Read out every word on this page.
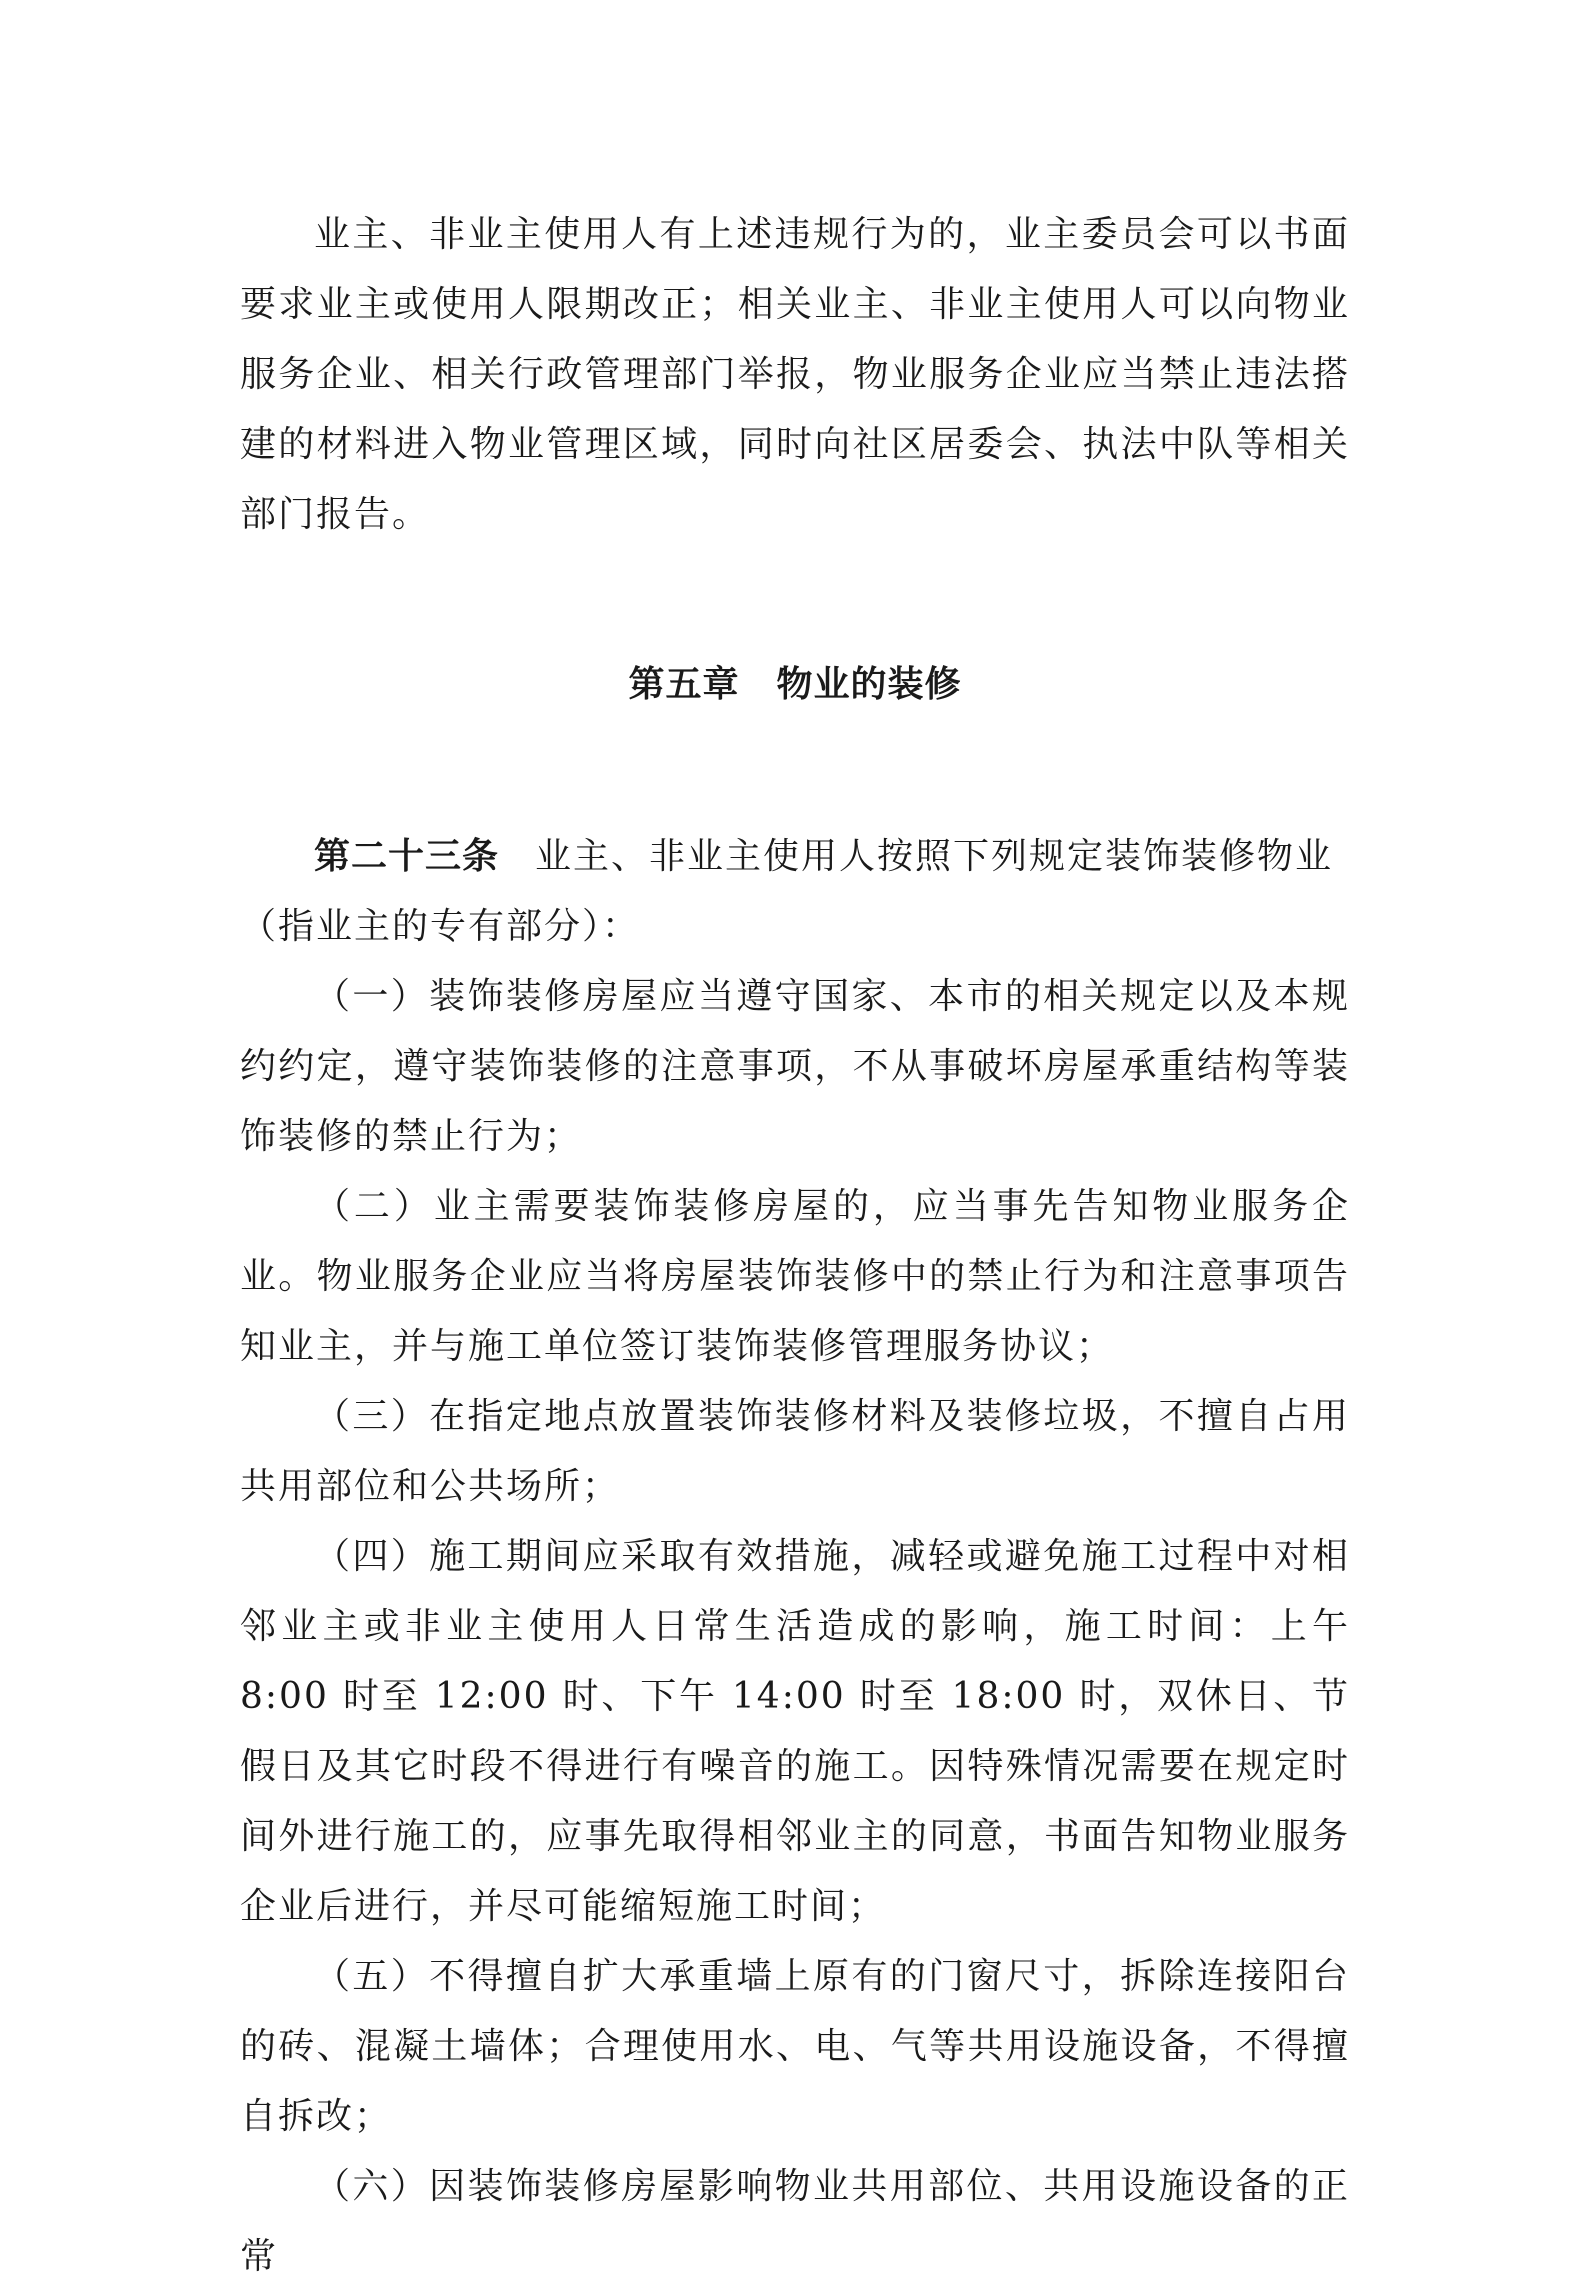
业主、非业主使用人有上述违规行为的，业主委员会可以书面要求业主或使用人限期改正；相关业主、非业主使用人可以向物业服务企业、相关行政管理部门举报，物业服务企业应当禁止违法搭建的材料进入物业管理区域，同时向社区居委会、执法中队等相关部门报告。

第五章　物业的装修

第二十三条 业主、非业主使用人按照下列规定装饰装修物业

（指业主的专有部分）：

（一）装饰装修房屋应当遵守国家、本市的相关规定以及本规约约定，遵守装饰装修的注意事项，不从事破坏房屋承重结构等装饰装修的禁止行为；

（二）业主需要装饰装修房屋的，应当事先告知物业服务企业。物业服务企业应当将房屋装饰装修中的禁止行为和注意事项告知业主，并与施工单位签订装饰装修管理服务协议；

（三）在指定地点放置装饰装修材料及装修垃圾，不擅自占用共用部位和公共场所；

（四）施工期间应采取有效措施，减轻或避免施工过程中对相邻业主或非业主使用人日常生活造成的影响，施工时间：上午 8:00 时至 12:00 时、下午 14:00 时至 18:00 时，双休日、节假日及其它时段不得进行有噪音的施工。因特殊情况需要在规定时间外进行施工的，应事先取得相邻业主的同意，书面告知物业服务企业后进行，并尽可能缩短施工时间；

（五）不得擅自扩大承重墙上原有的门窗尺寸，拆除连接阳台的砖、混凝土墙体；合理使用水、电、气等共用设施设备，不得擅自拆改；

（六）因装饰装修房屋影响物业共用部位、共用设施设备的正常
